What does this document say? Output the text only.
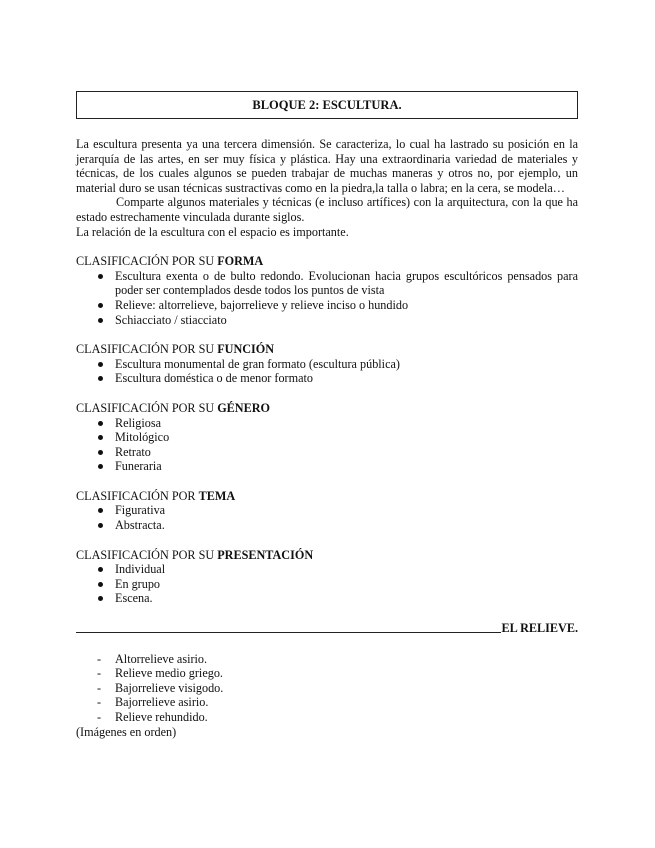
BLOQUE 2: ESCULTURA.

La escultura presenta ya una tercera dimensión. Se caracteriza, lo cual ha lastrado su posición en la jerarquía de las artes, en ser muy física y plástica. Hay una extraordinaria variedad de materiales y técnicas, de los cuales algunos se pueden trabajar de muchas maneras y otros no, por ejemplo, un material duro se usan técnicas sustractivas como en la piedra,la talla o labra; en la cera, se modela…

Comparte algunos materiales y técnicas (e incluso artífices) con la arquitectura, con la que ha estado estrechamente vinculada durante siglos.

La relación de la escultura con el espacio es importante.

CLASIFICACIÓN POR SU FORMA
Escultura exenta o de bulto redondo. Evolucionan hacia grupos escultóricos pensados para poder ser contemplados desde todos los puntos de vista
Relieve: altorrelieve, bajorrelieve y relieve inciso o hundido
Schiacciato / stiacciato
CLASIFICACIÓN POR SU FUNCIÓN
Escultura monumental de gran formato (escultura pública)
Escultura doméstica o de menor formato
CLASIFICACIÓN POR SU GÉNERO
Religiosa
Mitológico
Retrato
Funeraria
CLASIFICACIÓN POR TEMA
Figurativa
Abstracta.
CLASIFICACIÓN POR SU PRESENTACIÓN
Individual
En grupo
Escena.
EL RELIEVE.
- Altorrelieve asirio.
- Relieve medio griego.
- Bajorrelieve visigodo.
- Bajorrelieve asirio.
- Relieve rehundido.
(Imágenes en orden)
